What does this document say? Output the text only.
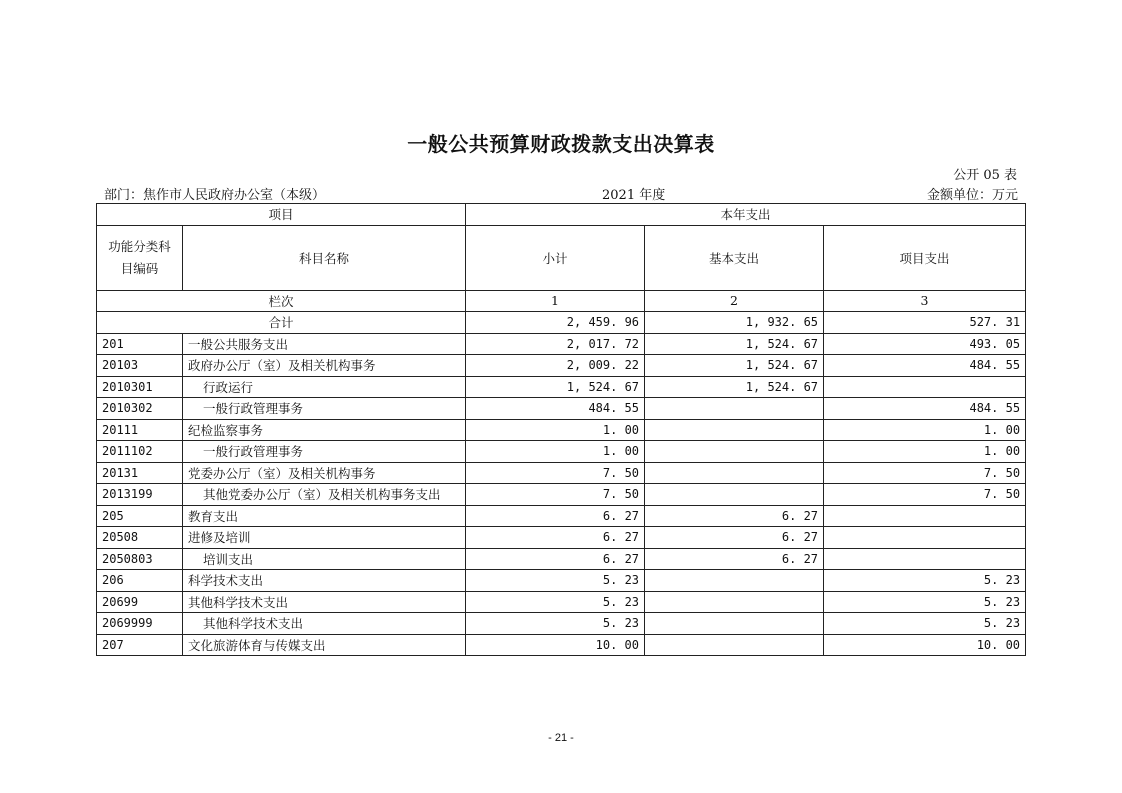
一般公共预算财政拨款支出决算表
公开 05 表
部门：焦作市人民政府办公室（本级）	2021 年度	金额单位：万元
项目		本年支出		
功能分类科目编码	科目名称	小计	基本支出	项目支出
栏次		1	2	3
合计		2, 459. 96	1, 932. 65	527. 31
201	一般公共服务支出	2, 017. 72	1, 524. 67	493. 05
20103	政府办公厅（室）及相关机构事务	2, 009. 22	1, 524. 67	484. 55
2010301	行政运行	1, 524. 67	1, 524. 67	
2010302	一般行政管理事务	484. 55		484. 55
20111	纪检监察事务	1. 00		1. 00
2011102	一般行政管理事务	1. 00		1. 00
20131	党委办公厅（室）及相关机构事务	7. 50		7. 50
2013199	其他党委办公厅（室）及相关机构事务支出	7. 50		7. 50
205	教育支出	6. 27	6. 27	
20508	进修及培训	6. 27	6. 27	
2050803	培训支出	6. 27	6. 27	
206	科学技术支出	5. 23		5. 23
20699	其他科学技术支出	5. 23		5. 23
2069999	其他科学技术支出	5. 23		5. 23
207	文化旅游体育与传媒支出	10. 00		10. 00
- 21 -
